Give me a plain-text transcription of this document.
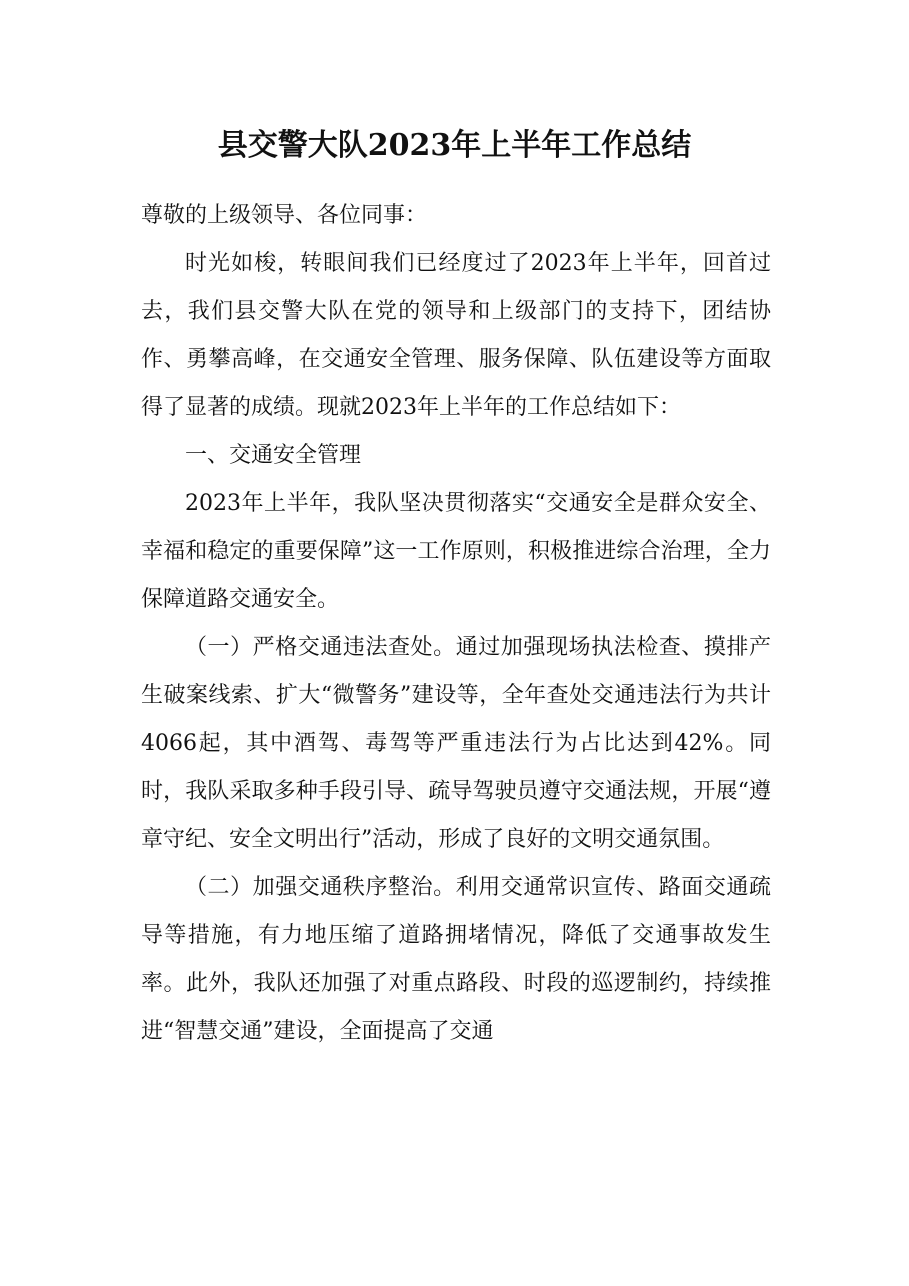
县交警大队2023年上半年工作总结

尊敬的上级领导、各位同事：

时光如梭，转眼间我们已经度过了2023年上半年，回首过去，我们县交警大队在党的领导和上级部门的支持下，团结协作、勇攀高峰，在交通安全管理、服务保障、队伍建设等方面取得了显著的成绩。现就2023年上半年的工作总结如下：

一、交通安全管理

2023年上半年，我队坚决贯彻落实“交通安全是群众安全、幸福和稳定的重要保障”这一工作原则，积极推进综合治理，全力保障道路交通安全。

（一）严格交通违法查处。通过加强现场执法检查、摸排产生破案线索、扩大“微警务”建设等，全年查处交通违法行为共计4066起，其中酒驾、毒驾等严重违法行为占比达到42%。同时，我队采取多种手段引导、疏导驾驶员遵守交通法规，开展“遵章守纪、安全文明出行”活动，形成了良好的文明交通氛围。

（二）加强交通秩序整治。利用交通常识宣传、路面交通疏导等措施，有力地压缩了道路拥堵情况，降低了交通事故发生率。此外，我队还加强了对重点路段、时段的巡逻制约，持续推进“智慧交通”建设，全面提高了交通
